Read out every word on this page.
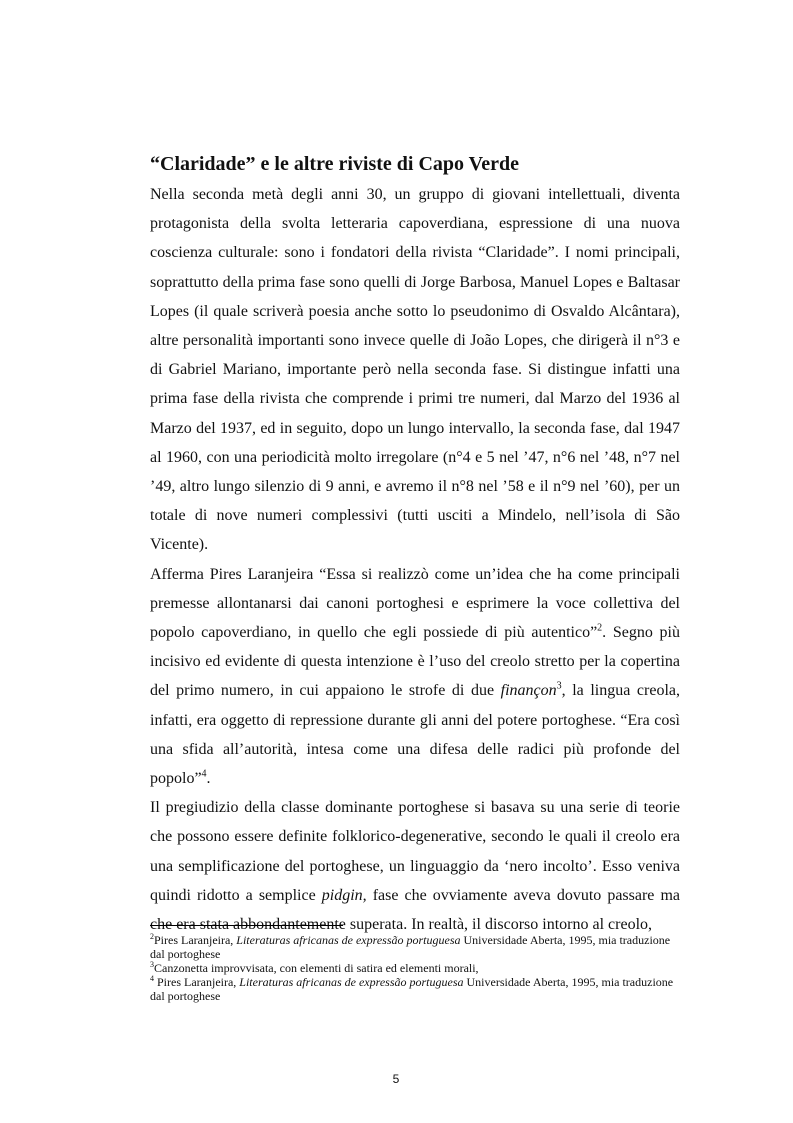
“Claridade” e le altre riviste di Capo Verde

Nella seconda metà degli anni 30, un gruppo di giovani intellettuali, diventa protagonista della svolta letteraria capoverdiana, espressione di una nuova coscienza culturale: sono i fondatori della rivista “Claridade”. I nomi principali, soprattutto della prima fase sono quelli di Jorge Barbosa, Manuel Lopes e Baltasar Lopes (il quale scriverà poesia anche sotto lo pseudonimo di Osvaldo Alcântara), altre personalità importanti sono invece quelle di João Lopes, che dirigerà il n°3 e di Gabriel Mariano, importante però nella seconda fase. Si distingue infatti una prima fase della rivista che comprende i primi tre numeri, dal Marzo del 1936 al Marzo del 1937, ed in seguito, dopo un lungo intervallo, la seconda fase, dal 1947 al 1960, con una periodicità molto irregolare (n°4 e 5 nel ’47, n°6 nel ’48, n°7 nel ’49, altro lungo silenzio di 9 anni, e avremo il n°8 nel ’58 e il n°9 nel ’60), per un totale di nove numeri complessivi (tutti usciti a Mindelo, nell’isola di São Vicente).

Afferma Pires Laranjeira “Essa si realizzò come un’idea che ha come principali premesse allontanarsi dai canoni portoghesi e esprimere la voce collettiva del popolo capoverdiano, in quello che egli possiede di più autentico”$^2$. Segno più incisivo ed evidente di questa intenzione è l’uso del creolo stretto per la copertina del primo numero, in cui appaiono le strofe di due finançon$^3$, la lingua creola, infatti, era oggetto di repressione durante gli anni del potere portoghese. “Era così una sfida all’autorità, intesa come una difesa delle radici più profonde del popolo”$^4$.

Il pregiudizio della classe dominante portoghese si basava su una serie di teorie che possono essere definite folklorico-degenerative, secondo le quali il creolo era una semplificazione del portoghese, un linguaggio da ‘nero incolto’. Esso veniva quindi ridotto a semplice pidgin, fase che ovviamente aveva dovuto passare ma che era stata abbondantemente superata. In realtà, il discorso intorno al creolo,

$^2$Pires Laranjeira, Literaturas africanas de expressão portuguesa Universidade Aberta, 1995, mia traduzione dal portoghese

$^3$Canzonetta improvvisata, con elementi di satira ed elementi morali,

$^4$ Pires Laranjeira, Literaturas africanas de expressão portuguesa Universidade Aberta, 1995, mia traduzione dal portoghese

5
